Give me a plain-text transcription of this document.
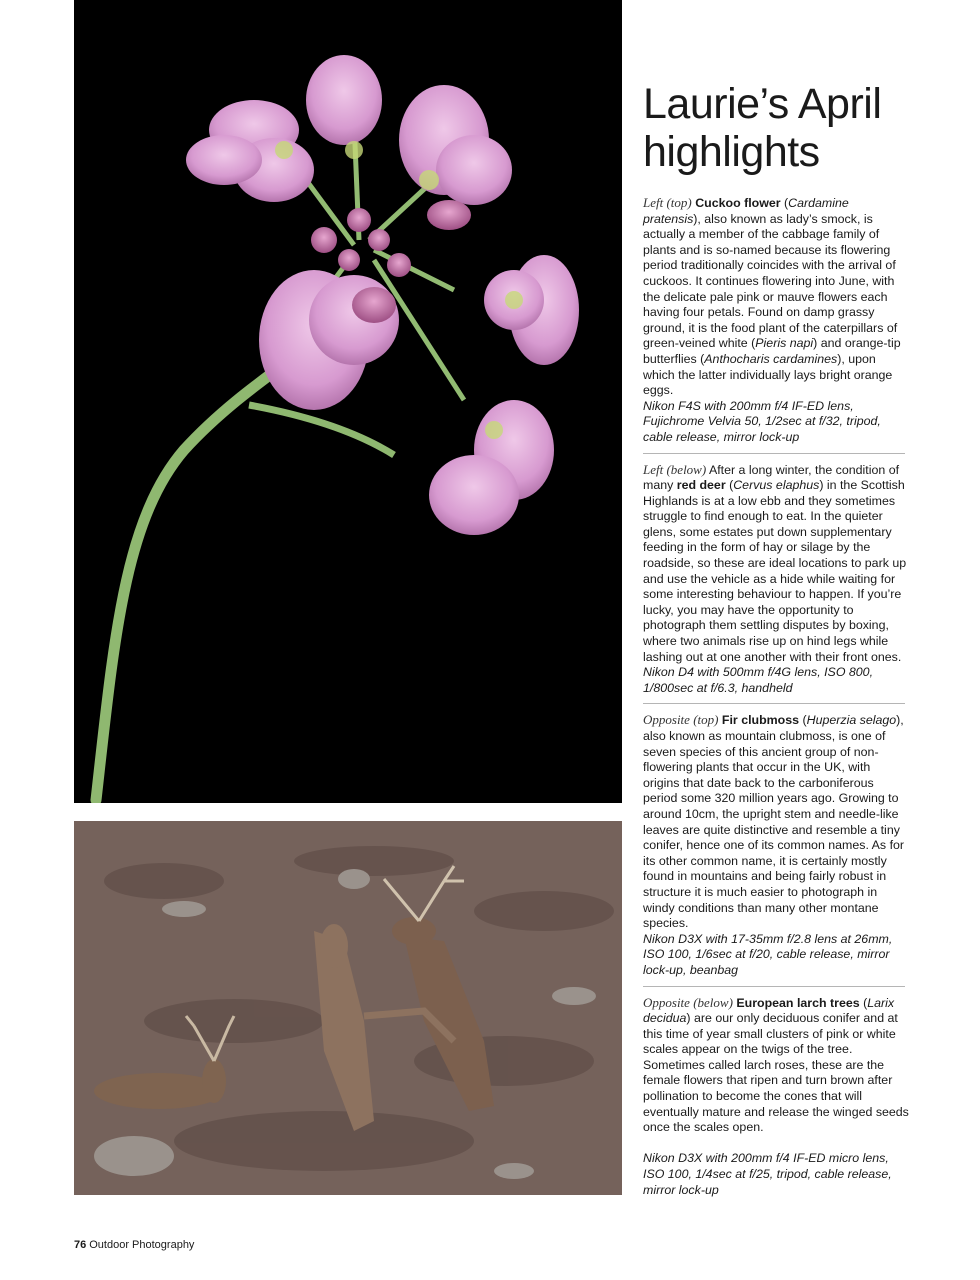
Laurie’s April highlights

Left (top) Cuckoo flower (Cardamine pratensis), also known as lady’s smock, is actually a member of the cabbage family of plants and is so-named because its flowering period traditionally coincides with the arrival of cuckoos. It continues flowering into June, with the delicate pale pink or mauve flowers each having four petals. Found on damp grassy ground, it is the food plant of the caterpillars of green-veined white (Pieris napi) and orange-tip butterflies (Anthocharis cardamines), upon which the latter individually lays bright orange eggs.
Nikon F4S with 200mm f/4 IF-ED lens, Fujichrome Velvia 50, 1/2sec at f/32, tripod, cable release, mirror lock-up

Left (below) After a long winter, the condition of many red deer (Cervus elaphus) in the Scottish Highlands is at a low ebb and they sometimes struggle to find enough to eat. In the quieter glens, some estates put down supplementary feeding in the form of hay or silage by the roadside, so these are ideal locations to park up and use the vehicle as a hide while waiting for some interesting behaviour to happen. If you’re lucky, you may have the opportunity to photograph them settling disputes by boxing, where two animals rise up on hind legs while lashing out at one another with their front ones.
Nikon D4 with 500mm f/4G lens, ISO 800, 1/800sec at f/6.3, handheld

Opposite (top) Fir clubmoss (Huperzia selago), also known as mountain clubmoss, is one of seven species of this ancient group of non-flowering plants that occur in the UK, with origins that date back to the carboniferous period some 320 million years ago. Growing to around 10cm, the upright stem and needle-like leaves are quite distinctive and resemble a tiny conifer, hence one of its common names. As for its other common name, it is certainly mostly found in mountains and being fairly robust in structure it is much easier to photograph in windy conditions than many other montane species.
Nikon D3X with 17-35mm f/2.8 lens at 26mm, ISO 100, 1/6sec at f/20, cable release, mirror lock-up, beanbag

Opposite (below) European larch trees (Larix decidua) are our only deciduous conifer and at this time of year small clusters of pink or white scales appear on the twigs of the tree. Sometimes called larch roses, these are the female flowers that ripen and turn brown after pollination to become the cones that will eventually mature and release the winged seeds once the scales open.
Nikon D3X with 200mm f/4 IF-ED micro lens, ISO 100, 1/4sec at f/25, tripod, cable release, mirror lock-up

76 Outdoor Photography
